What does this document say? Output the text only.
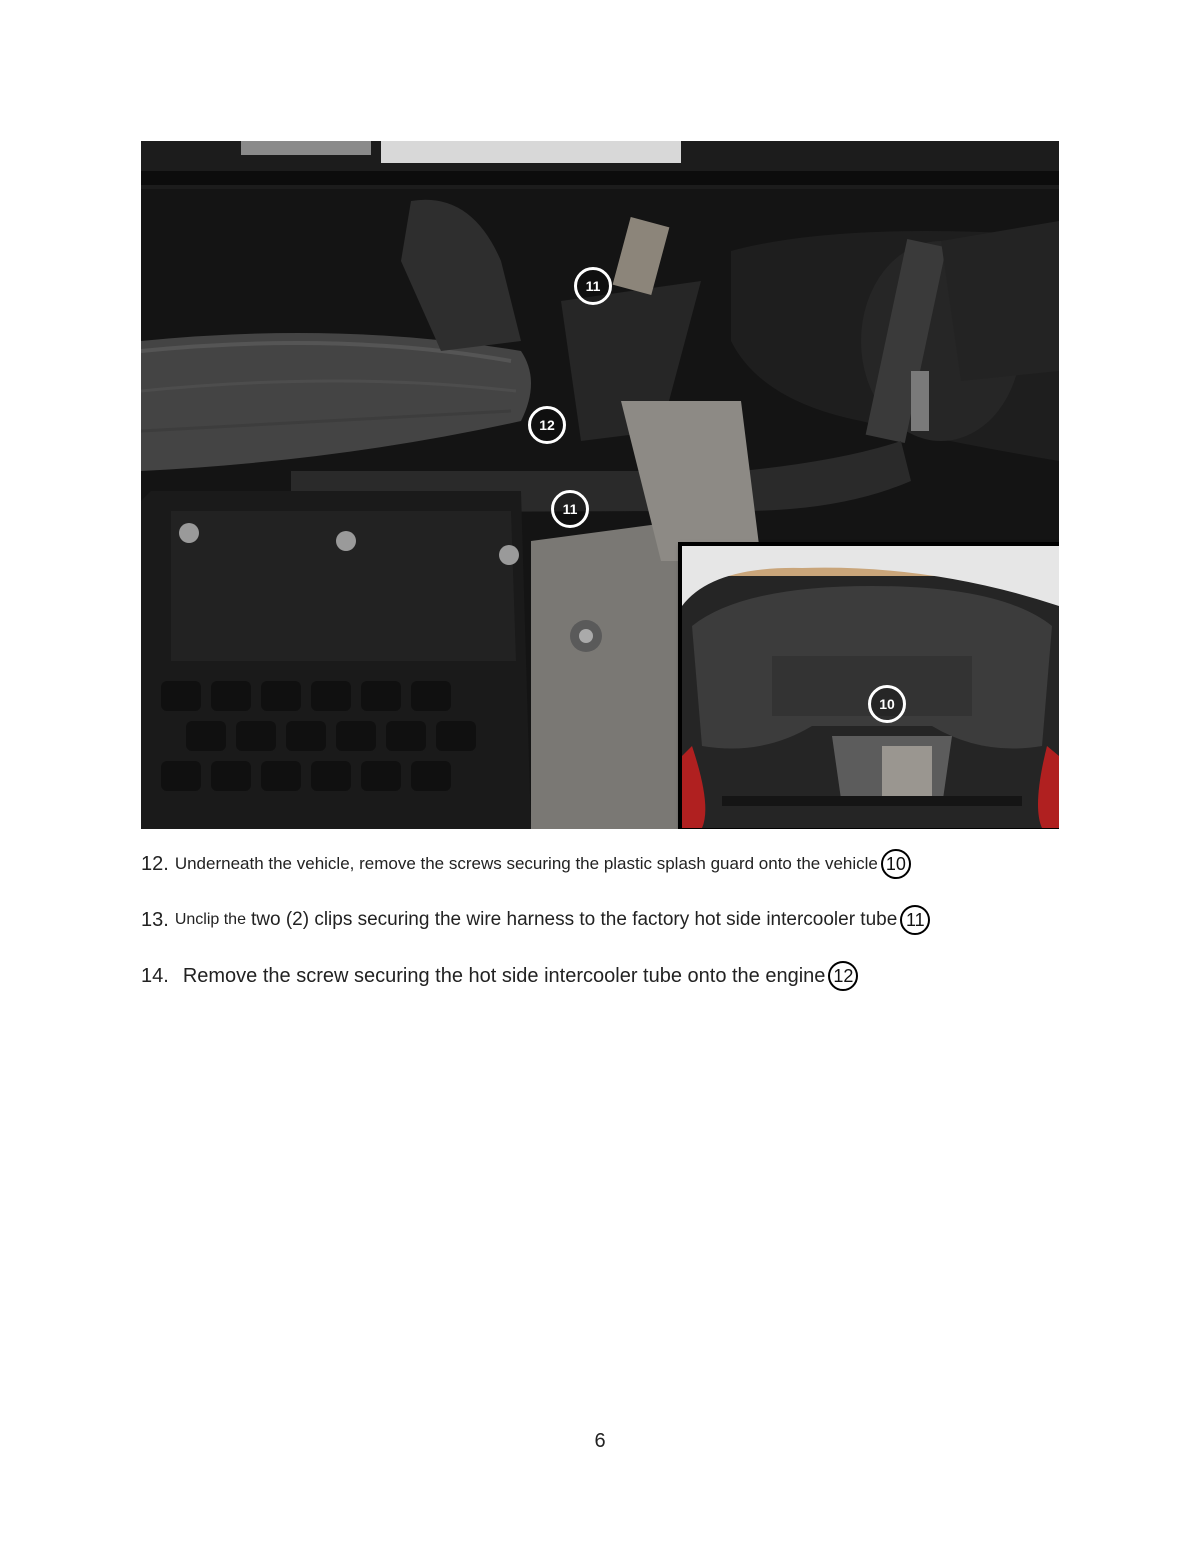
11
12
11
10
12. Underneath the vehicle, remove the screws securing the plastic splash guard onto the vehicle 10
13. Unclip the two (2) clips securing the wire harness to the factory hot side intercooler tube 11
14. Remove the screw securing the hot side intercooler tube onto the engine 12
6
